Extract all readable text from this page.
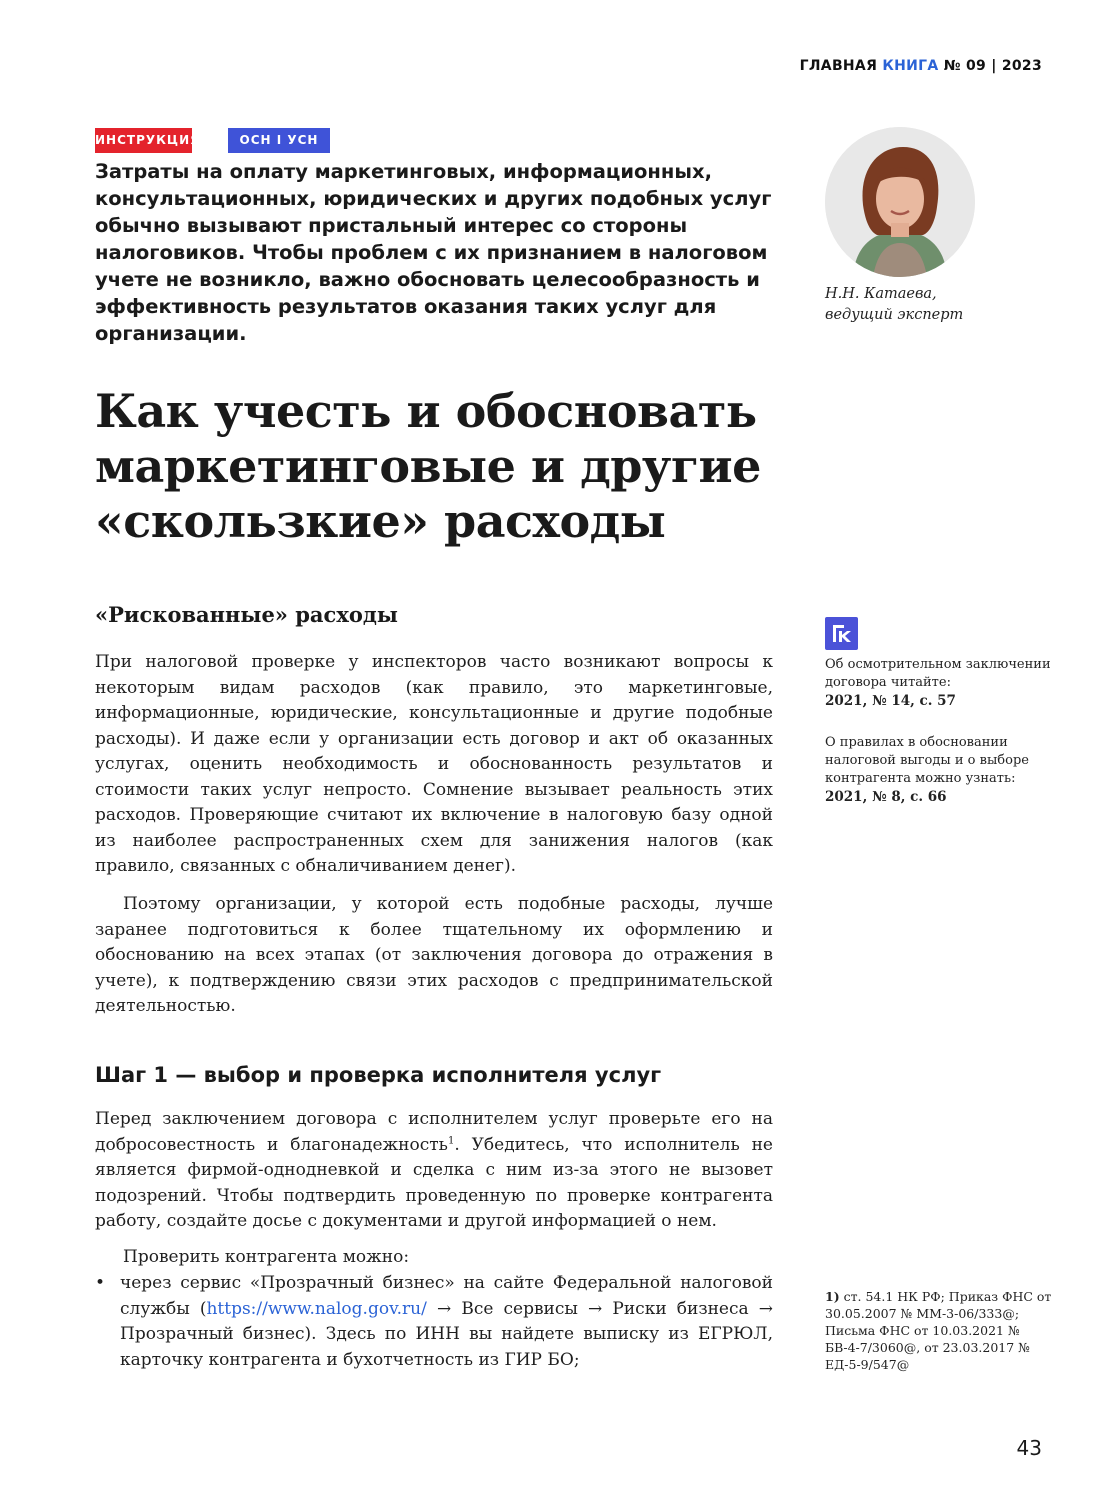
ГЛАВНАЯ КНИГА № 09 | 2023
ИНСТРУКЦИЯ	ОСН I УСН

Затраты на оплату маркетинговых, информационных, консультационных, юридических и других подобных услуг обычно вызывают пристальный интерес со стороны налоговиков. Чтобы проблем с их признанием в налоговом учете не возникло, важно обосновать целесообразность и эффективность результатов оказания таких услуг для организации.

Н.Н. Катаева,
ведущий эксперт
Как учесть и обосновать маркетинговые и другие «скользкие» расходы
«Рискованные» расходы

При налоговой проверке у инспекторов часто возникают вопросы к некоторым видам расходов (как правило, это маркетинговые, информационные, юридические, консультационные и другие подобные расходы). И даже если у организации есть договор и акт об оказанных услугах, оценить необходимость и обоснованность результатов и стоимости таких услуг непросто. Сомнение вызывает реальность этих расходов. Проверяющие считают их включение в налоговую базу одной из наиболее распространенных схем для занижения налогов (как правило, связанных с обналичиванием денег).

Поэтому организации, у которой есть подобные расходы, лучше заранее подготовиться к более тщательному их оформлению и обоснованию на всех этапах (от заключения договора до отражения в учете), к подтверждению связи этих расходов с предпринимательской деятельностью.

Шаг 1 — выбор и проверка исполнителя услуг

Перед заключением договора с исполнителем услуг проверьте его на добросовестность и благонадежность$^1$. Убедитесь, что исполнитель не является фирмой-однодневкой и сделка с ним из-за этого не вызовет подозрений. Чтобы подтвердить проведенную по проверке контрагента работу, создайте досье с документами и другой информацией о нем.

Проверить контрагента можно:

• через сервис «Прозрачный бизнес» на сайте Федеральной налоговой службы (https://www.nalog.gov.ru/ → Все сервисы → Риски бизнеса → Прозрачный бизнес). Здесь по ИНН вы найдете выписку из ЕГРЮЛ, карточку контрагента и бухотчетность из ГИР БО;
Об осмотрительном заключении договора читайте:
2021, № 14, с. 57
О правилах в обосновании налоговой выгоды и о выборе контрагента можно узнать:
2021, № 8, с. 66
1) ст. 54.1 НК РФ; Приказ ФНС от 30.05.2007 № ММ-3-06/333@; Письма ФНС от 10.03.2021 № БВ-4-7/3060@, от 23.03.2017 № ЕД-5-9/547@
43
